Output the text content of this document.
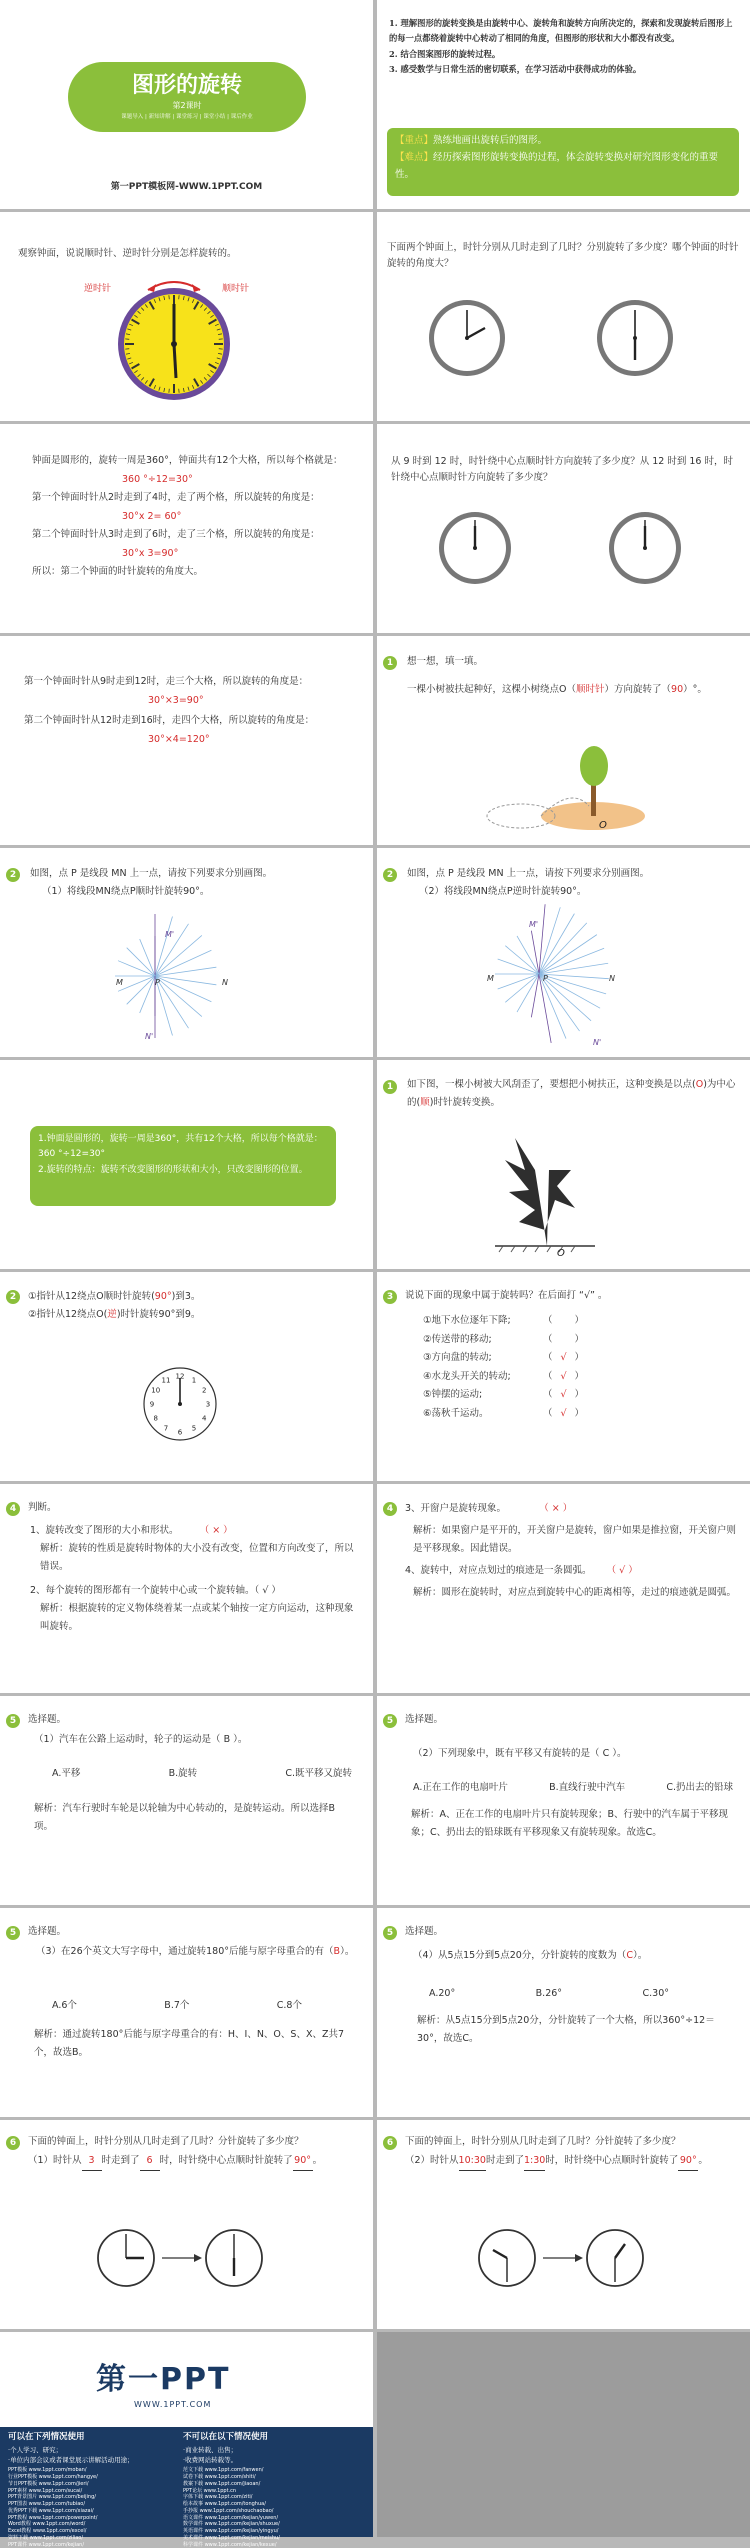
图形的旋转
第2课时
课题导入 | 新知讲解 | 课堂练习 | 课堂小结 | 课后作业
第一PPT模板网-WWW.1PPT.COM
1. 理解图形的旋转变换是由旋转中心、旋转角和旋转方向所决定的，探索和发现旋转后图形上的每一点都绕着旋转中心转动了相同的角度，但图形的形状和大小都没有改变。
2. 结合图案图形的旋转过程。
3. 感受数学与日常生活的密切联系，在学习活动中获得成功的体验。
【重点】熟练地画出旋转后的图形。
【难点】经历探索图形旋转变换的过程，体会旋转变换对研究图形变化的重要性。
观察钟面，说说顺时针、逆时针分别是怎样旋转的。
逆时针	顺时针
下面两个钟面上，时针分别从几时走到了几时？分别旋转了多少度？哪个钟面的时针旋转的角度大？
钟面是圆形的，旋转一周是360°，钟面共有12个大格，所以每个格就是：
360 °÷12=30°
第一个钟面时针从2时走到了4时，走了两个格，所以旋转的角度是：
30°x 2= 60°
第二个钟面时针从3时走到了6时，走了三个格，所以旋转的角度是：
30°x 3=90°
所以：第二个钟面的时针旋转的角度大。
从 9 时到 12 时，时针绕中心点顺时针方向旋转了多少度？从 12 时到 16 时，时针绕中心点顺时针方向旋转了多少度？
第一个钟面时针从9时走到12时，走三个大格，所以旋转的角度是：
30°×3=90°
第二个钟面时针从12时走到16时，走四个大格，所以旋转的角度是：
30°×4=120°
1	想一想，填一填。
一棵小树被扶起种好，这棵小树绕点O（顺时针）方向旋转了（90）°。
O
2	如图，点 P 是线段 MN 上一点，请按下列要求分别画图。
（1）将线段MN绕点P顺时针旋转90°。
M'
M	P	N
N'
2	如图，点 P 是线段 MN 上一点，请按下列要求分别画图。
（2）将线段MN绕点P逆时针旋转90°。
M'
M	P	N
N'
1.钟面是圆形的，旋转一周是360°，共有12个大格，所以每个格就是：360 °÷12=30°
2.旋转的特点：旋转不改变图形的形状和大小，只改变图形的位置。
1	如下图，一棵小树被大风刮歪了，要想把小树扶正，这种变换是以点(O)为中心的(顺)时针旋转变换。
O
2	①指针从12绕点O顺时针旋转(90°)到3。
②指针从12绕点O(逆)时针旋转90°到9。
1
2
3
4
5
6
7
8
9
10
11 12
3	说说下面的现象中属于旋转吗？在后面打 “√” 。
①地下水位逐年下降;	（  ）
②传送带的移动;	（  ）
③方向盘的转动;	（ √ ）
④水龙头开关的转动;	（ √ ）
⑤钟摆的运动;	（ √ ）
⑥荡秋千运动。	（ √ ）
4	判断。
1、旋转改变了图形的大小和形状。 （ × ）
解析：旋转的性质是旋转时物体的大小没有改变，位置和方向改变了，所以错误。
2、每个旋转的图形都有一个旋转中心或一个旋转轴。（ √ ）
解析：根据旋转的定义物体绕着某一点或某个轴按一定方向运动，这种现象叫旋转。
4	3、开窗户是旋转现象。	（ × ）
解析：如果窗户是平开的，开关窗户是旋转，窗户如果是推拉窗，开关窗户则是平移现象。因此错误。
4、旋转中，对应点划过的痕迹是一条圆弧。 （ √ ）
解析：圆形在旋转时，对应点到旋转中心的距离相等，走过的痕迹就是圆弧。
5	选择题。
（1）汽车在公路上运动时，轮子的运动是（ B ）。
A.平移	B.旋转	C.既平移又旋转
解析：汽车行驶时车轮是以轮轴为中心转动的，是旋转运动。所以选择B项。
5	选择题。
（2）下列现象中，既有平移又有旋转的是（ C ）。
A.正在工作的电扇叶片	B.直线行驶中汽车	C.扔出去的铅球
解析：A、正在工作的电扇叶片只有旋转现象；B、行驶中的汽车属于平移现象；C、扔出去的铅球既有平移现象又有旋转现象。故选C。
5	选择题。
（3）在26个英文大写字母中，通过旋转180°后能与原字母重合的有（B）。
A.6个	B.7个	C.8个
解析：通过旋转180°后能与原字母重合的有：H、I、N、O、S、X、Z共7个，故选B。
5	选择题。
（4）从5点15分到5点20分，分针旋转的度数为（C）。
A.20°	B.26°	C.30°
解析：从5点15分到5点20分，分针旋转了一个大格，所以360°÷12＝30°，故选C。
6	下面的钟面上，时针分别从几时走到了几时？分针旋转了多少度？
（1）时针从 3 时走到了 6 时，时针绕中心点顺时针旋转了 90° 。
6	下面的钟面上，时针分别从几时走到了几时？分针旋转了多少度？
（2）时针从10:30时走到了1:30时，时针绕中心点顺时针旋转了 90° 。
第一PPT
WWW.1PPT.COM
可以在下列情况使用
·个人学习、研究；
·单位内部会议或者课堂展示讲解活动用途；
不可以在以下情况使用
·商业转载、出售；
·收费网站转载等。
PPT模板 www.1ppt.com/moban/
行业PPT模板 www.1ppt.com/hangye/
节日PPT模板 www.1ppt.com/jieri/
PPT素材 www.1ppt.com/sucai/
PPT背景图片 www.1ppt.com/beijing/
PPT图表 www.1ppt.com/tubiao/
优秀PPT下载 www.1ppt.com/xiazai/
PPT教程 www.1ppt.com/powerpoint/
Word教程 www.1ppt.com/word/
Excel教程 www.1ppt.com/excel/
资料下载 www.1ppt.com/ziliao/
PPT课件 www.1ppt.com/kejian/
范文下载 www.1ppt.com/fanwen/
试卷下载 www.1ppt.com/shiti/
教案下载 www.1ppt.com/jiaoan/
PPT论坛 www.1ppt.cn
字体下载 www.1ppt.com/ziti/
绘本故事 www.1ppt.com/tonghua/
手抄报 www.1ppt.com/shouchaobao/
语文课件 www.1ppt.com/kejian/yuwen/
数学课件 www.1ppt.com/kejian/shuxue/
英语课件 www.1ppt.com/kejian/yingyu/
美术课件 www.1ppt.com/kejian/meishu/
科学课件 www.1ppt.com/kejian/kexue/
